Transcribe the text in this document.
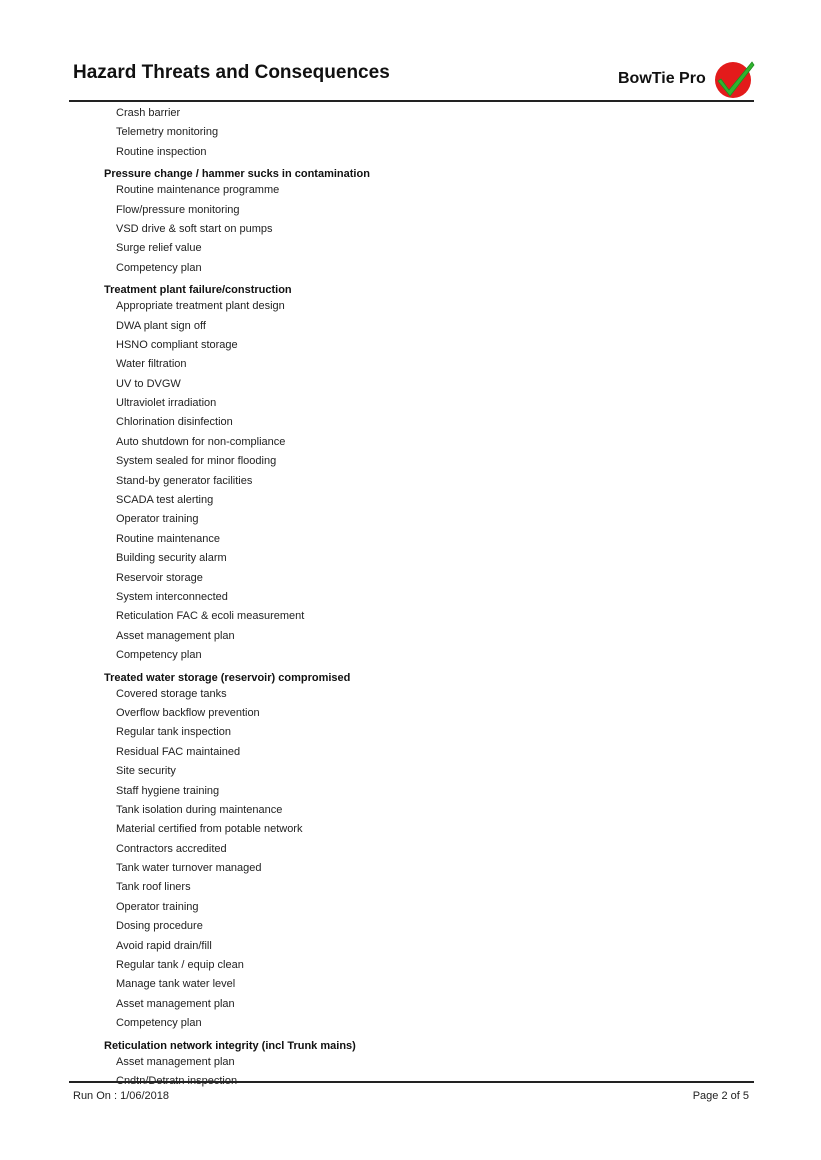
Hazard Threats and Consequences	BowTie Pro
Crash barrier
Telemetry monitoring
Routine inspection
Pressure change / hammer sucks in contamination
Routine maintenance programme
Flow/pressure monitoring
VSD drive & soft start on pumps
Surge relief value
Competency plan
Treatment plant failure/construction
Appropriate treatment plant design
DWA plant sign off
HSNO compliant storage
Water filtration
UV to DVGW
Ultraviolet irradiation
Chlorination disinfection
Auto shutdown for non-compliance
System sealed for minor flooding
Stand-by generator facilities
SCADA test alerting
Operator training
Routine maintenance
Building security alarm
Reservoir storage
System interconnected
Reticulation FAC & ecoli measurement
Asset management plan
Competency plan
Treated water storage (reservoir) compromised
Covered storage tanks
Overflow backflow prevention
Regular tank inspection
Residual FAC maintained
Site security
Staff hygiene training
Tank isolation during maintenance
Material certified from potable network
Contractors accredited
Tank water turnover managed
Tank roof liners
Operator training
Dosing procedure
Avoid rapid drain/fill
Regular tank / equip clean
Manage tank water level
Asset management plan
Competency plan
Reticulation network integrity (incl Trunk mains)
Asset management plan
Run On : 1/06/2018	Page 2 of 5
